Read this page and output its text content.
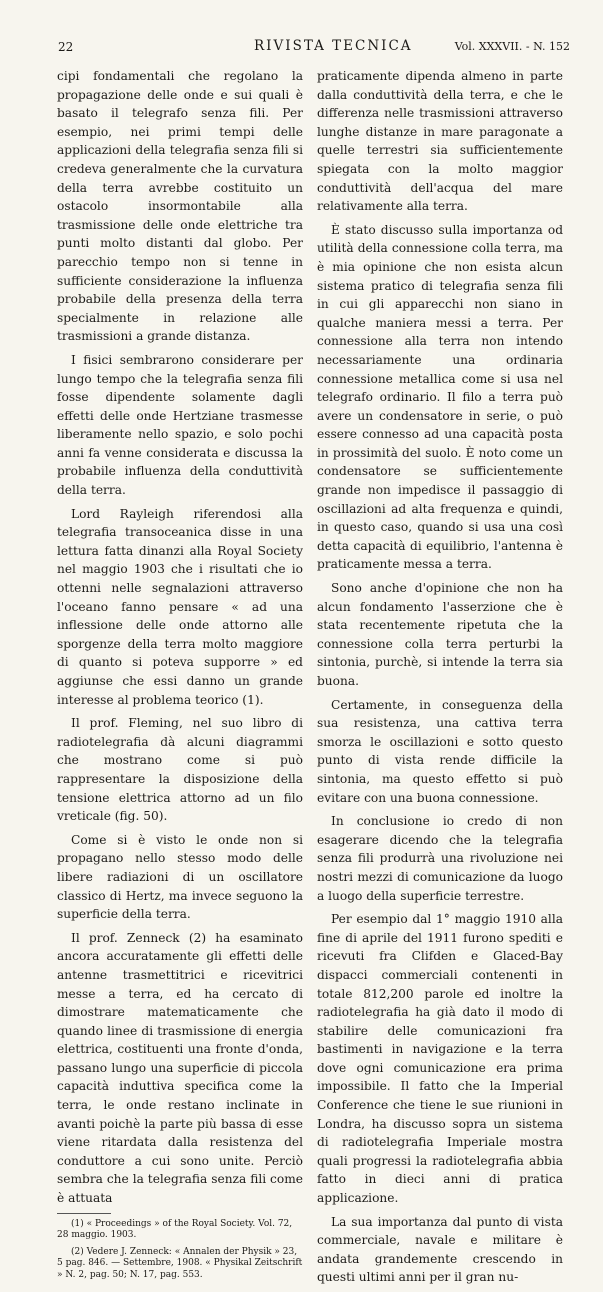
22	RIVISTA TECNICA	Vol. XXXVII. - N. 152

cipi fondamentali che regolano la propagazione delle onde e sui quali è basato il telegrafo senza fili. Per esempio, nei primi tempi delle applicazioni della telegrafia senza fili si credeva generalmente che la curvatura della terra avrebbe costituito un ostacolo insormontabile alla trasmissione delle onde elettriche tra punti molto distanti dal globo. Per parecchio tempo non si tenne in sufficiente considerazione la influenza probabile della presenza della terra specialmente in relazione alle trasmissioni a grande distanza.

I fisici sembrarono considerare per lungo tempo che la telegrafia senza fili fosse dipendente solamente dagli effetti delle onde Hertziane trasmesse liberamente nello spazio, e solo pochi anni fa venne considerata e discussa la probabile influenza della conduttività della terra.

Lord Rayleigh riferendosi alla telegrafia transoceanica disse in una lettura fatta dinanzi alla Royal Society nel maggio 1903 che i risultati che io ottenni nelle segnalazioni attraverso l'oceano fanno pensare « ad una inflessione delle onde attorno alle sporgenze della terra molto maggiore di quanto si poteva supporre » ed aggiunse che essi danno un grande interesse al problema teorico (1).

Il prof. Fleming, nel suo libro di radiotelegrafia dà alcuni diagrammi che mostrano come si può rappresentare la disposizione della tensione elettrica attorno ad un filo vreticale (fig. 50).

Come si è visto le onde non si propagano nello stesso modo delle libere radiazioni di un oscillatore classico di Hertz, ma invece seguono la superficie della terra.

Il prof. Zenneck (2) ha esaminato ancora accuratamente gli effetti delle antenne trasmettitrici e ricevitrici messe a terra, ed ha cercato di dimostrare matematicamente che quando linee di trasmissione di energia elettrica, costituenti una fronte d'onda, passano lungo una superficie di piccola capacità induttiva specifica come la terra, le onde restano inclinate in avanti poichè la parte più bassa di esse viene ritardata dalla resistenza del conduttore a cui sono unite. Perciò sembra che la telegrafia senza fili come è attuata

(1) « Proceedings » of the Royal Society. Vol. 72, 28 maggio. 1903.

(2) Vedere J. Zenneck: « Annalen der Physik » 23, 5 pag. 846. — Settembre, 1908. « Physikal Zeitschrift » N. 2, pag. 50; N. 17, pag. 553.

praticamente dipenda almeno in parte dalla conduttività della terra, e che le differenza nelle trasmissioni attraverso lunghe distanze in mare paragonate a quelle terrestri sia sufficientemente spiegata con la molto maggior conduttività dell'acqua del mare relativamente alla terra.

È stato discusso sulla importanza od utilità della connessione colla terra, ma è mia opinione che non esista alcun sistema pratico di telegrafia senza fili in cui gli apparecchi non siano in qualche maniera messi a terra. Per connessione alla terra non intendo necessariamente una ordinaria connessione metallica come si usa nel telegrafo ordinario. Il filo a terra può avere un condensatore in serie, o può essere connesso ad una capacità posta in prossimità del suolo. È noto come un condensatore se sufficientemente grande non impedisce il passaggio di oscillazioni ad alta frequenza e quindi, in questo caso, quando si usa una così detta capacità di equilibrio, l'antenna è praticamente messa a terra.

Sono anche d'opinione che non ha alcun fondamento l'asserzione che è stata recentemente ripetuta che la connessione colla terra perturbi la sintonia, purchè, si intende la terra sia buona.

Certamente, in conseguenza della sua resistenza, una cattiva terra smorza le oscillazioni e sotto questo punto di vista rende difficile la sintonia, ma questo effetto si può evitare con una buona connessione.

In conclusione io credo di non esagerare dicendo che la telegrafia senza fili produrrà una rivoluzione nei nostri mezzi di comunicazione da luogo a luogo della superficie terrestre.

Per esempio dal 1° maggio 1910 alla fine di aprile del 1911 furono spediti e ricevuti fra Clifden e Glaced-Bay dispacci commerciali contenenti in totale 812,200 parole ed inoltre la radiotelegrafia ha già dato il modo di stabilire delle comunicazioni fra bastimenti in navigazione e la terra dove ogni comunicazione era prima impossibile. Il fatto che la Imperial Conference che tiene le sue riunioni in Londra, ha discusso sopra un sistema di radiotelegrafia Imperiale mostra quali progressi la radiotelegrafia abbia fatto in dieci anni di pratica applicazione.

La sua importanza dal punto di vista commerciale, navale e militare è andata grandemente crescendo in questi ultimi anni per il gran nu-
